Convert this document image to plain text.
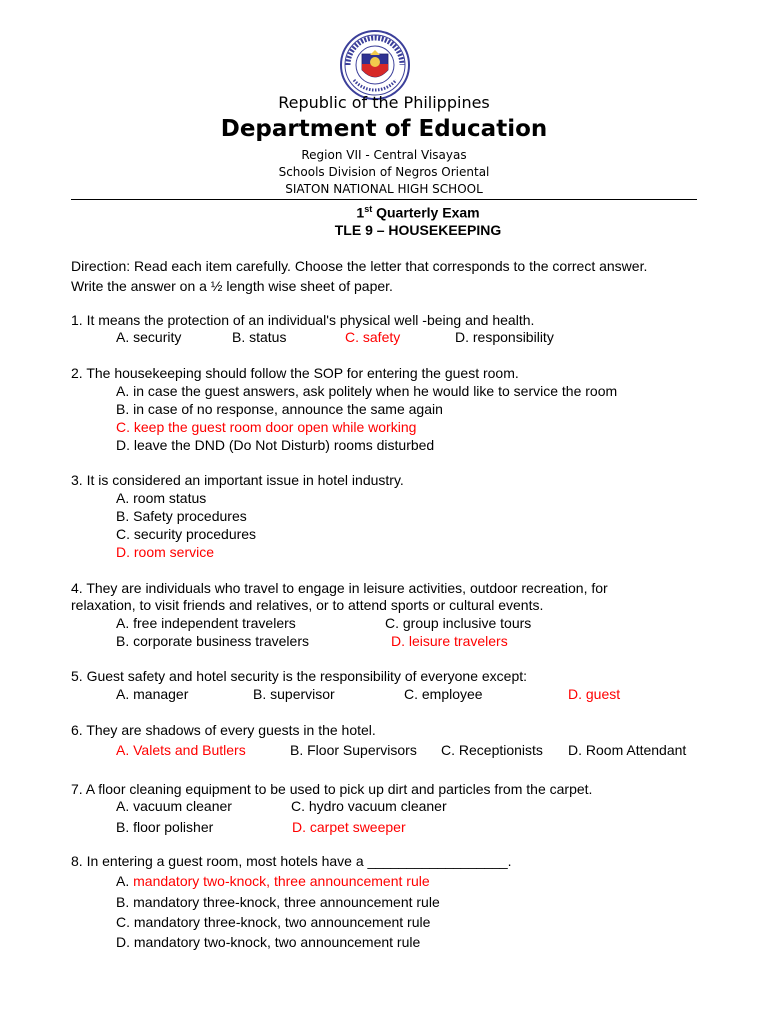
Republic of the Philippines
Department of Education
Region VII - Central Visayas
Schools Division of Negros Oriental
SIATON NATIONAL HIGH SCHOOL
1st Quarterly Exam
TLE 9 – HOUSEKEEPING
Direction: Read each item carefully. Choose the letter that corresponds to the correct answer.
Write the answer on a ½ length wise sheet of paper.
1. It means the protection of an individual's physical well -being and health.
A. security	B. status	C. safety	D. responsibility
2. The housekeeping should follow the SOP for entering the guest room.
A. in case the guest answers, ask politely when he would like to service the room
B. in case of no response, announce the same again
C. keep the guest room door open while working
D. leave the DND (Do Not Disturb) rooms disturbed
3. It is considered an important issue in hotel industry.
A. room status
B. Safety procedures
C. security procedures
D. room service
4. They are individuals who travel to engage in leisure activities, outdoor recreation, for
relaxation, to visit friends and relatives, or to attend sports or cultural events.
A. free independent travelers	C. group inclusive tours
B. corporate business travelers	D. leisure travelers
5. Guest safety and hotel security is the responsibility of everyone except:
A. manager	B. supervisor	C. employee	D. guest
6. They are shadows of every guests in the hotel.
A. Valets and Butlers	B. Floor Supervisors C. Receptionists D. Room Attendant
7. A floor cleaning equipment to be used to pick up dirt and particles from the carpet.
A. vacuum cleaner	C. hydro vacuum cleaner
B. floor polisher	D. carpet sweeper
8. In entering a guest room, most hotels have a __________________.
A. mandatory two-knock, three announcement rule
B. mandatory three-knock, three announcement rule
C. mandatory three-knock, two announcement rule
D. mandatory two-knock, two announcement rule
